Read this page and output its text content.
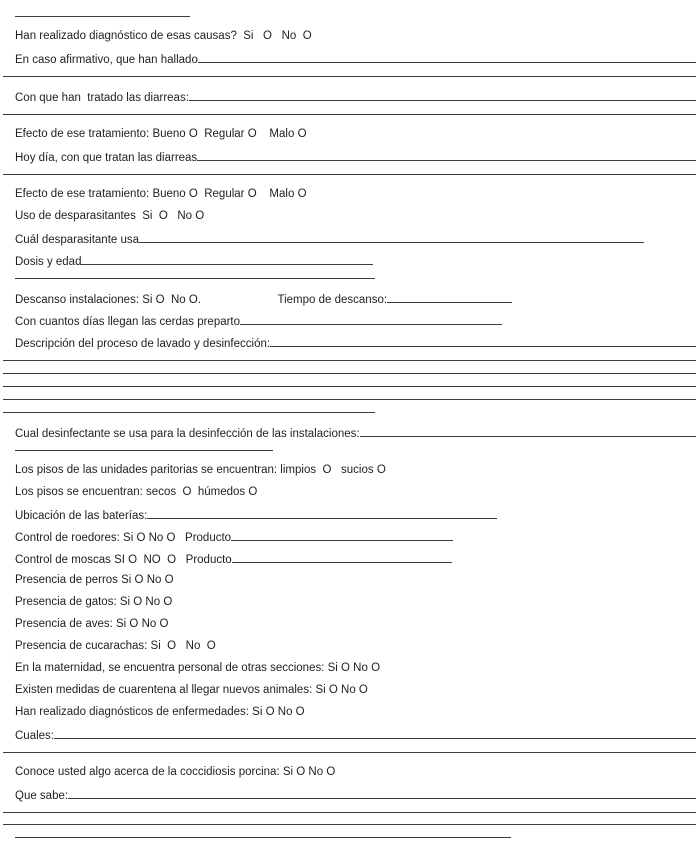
Han realizado diagnóstico de esas causas?  Si O No O
En caso afirmativo, que han hallado
Con que han  tratado las diarreas:
Efecto de ese tratamiento: Bueno O Regular O Malo O
Hoy día, con que tratan las diarreas
Efecto de ese tratamiento: Bueno O Regular O Malo O
Uso de desparasitantes  Si O No O
Cuál desparasitante usa
Dosis y edad
Descanso instalaciones: Si O No O .                        Tiempo de descanso:
Con cuantos días llegan las cerdas preparto
Descripción del proceso de lavado y desinfección:
Cual desinfectante se usa para la desinfección de las instalaciones:
Los pisos de las unidades paritorias se encuentran: limpios O sucios O
Los pisos se encuentran: secos O húmedos O
Ubicación de las baterías:
Control de roedores: Si O No O Producto
Control de moscas SI O NO O Producto
Presencia de perros Si O No O
Presencia de gatos: Si O No O
Presencia de aves: Si O No O
Presencia de cucarachas: Si O No O
En la maternidad, se encuentra personal de otras secciones: Si O No O
Existen medidas de cuarentena al llegar nuevos animales: Si O No O
Han realizado diagnósticos de enfermedades: Si O No O
Cuales:
Conoce usted algo acerca de la coccidiosis porcina: Si O No O
Que sabe:
